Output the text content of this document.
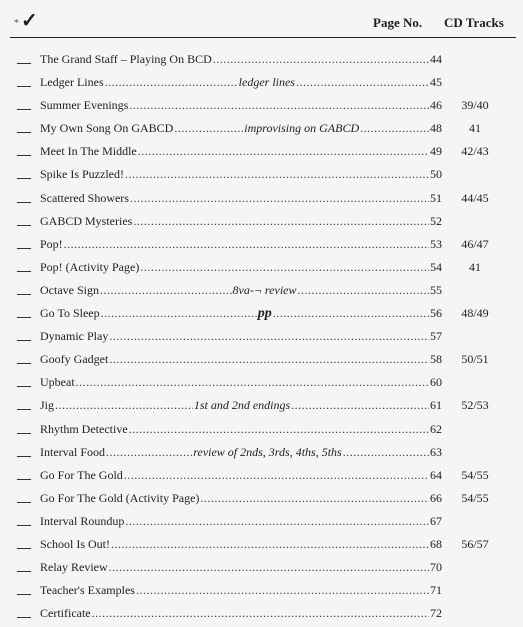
* ✓	Page No. CD Tracks
The Grand Staff – Playing On BCD .....	44
Ledger Lines .....	ledger lines .....	45
Summer Evenings .....	46	39/40
My Own Song On GABCD .....	improvising on GABCD .....	48	41
Meet In The Middle .....	49	42/43
Spike Is Puzzled! .....	50
Scattered Showers .....	51	44/45
GABCD Mysteries .....	52
Pop! .....	53	46/47
Pop! (Activity Page) .....	54	41
Octave Sign .....	8va-¬ review .....	55
Go To Sleep .....	pp .....	56	48/49
Dynamic Play .....	57
Goofy Gadget .....	58	50/51
Upbeat .....	60
Jig .....	1st and 2nd endings .....	61	52/53
Rhythm Detective .....	62
Interval Food .....	review of 2nds, 3rds, 4ths, 5ths .....	63
Go For The Gold .....	64	54/55
Go For The Gold (Activity Page) .....	66	54/55
Interval Roundup .....	67
School Is Out! .....	68	56/57
Relay Review .....	70
Teacher's Examples .....	71
Certificate .....	72
